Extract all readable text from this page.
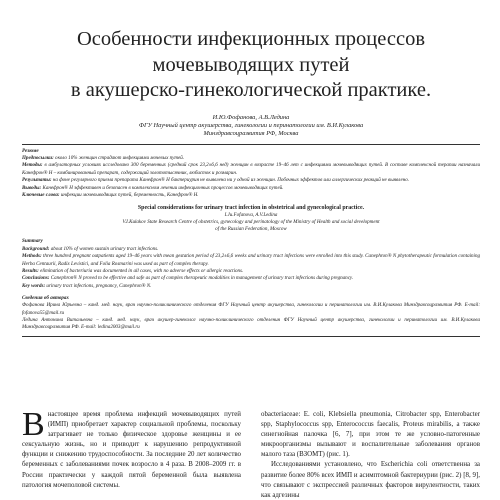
Особенности инфекционных процессов
мочевыводящих путей
в акушерско-гинекологической практике.
И.Ю.Фофанова, А.В.Ледина
ФГУ Научный центр акушерства, гинекологии и перинатологии им. В.И.Кулакова
Минздравсоцразвития РФ, Москва
Резюме
Предпосылки: около 10% женщин страдают инфекциями мочевых путей.
Методы: в амбулаторных условиях исследовано 300 беременных (средний срок 23,2±6,6 нед) женщин в возрасте 19–46 лет с инфекциями мочевыводящих путей. В составе комплексной терапии назначали Канефрон® Н – комбинированный препарат, содержащий золототысячник, любисток и розмарин.
Результаты: на фоне регулярного приема препарата Канефрон® Н бактериурия не выявлена ни у одной из женщин. Побочных эффектов или аллергических реакций не выявлено.
Выводы: Канефрон® Н эффективен и безопасен в комплексном лечении инфекционных процессов мочевыводящих путей.
Ключевые слова: инфекции мочевыводящих путей, беременность, Канефрон® Н.
Special considerations for urinary tract infection in obstetrical and gynecological practice.
I.Ju.Fofanova, A.V.Ledina
V.I.Kulakov State Research Centre of obstetrics, gynecology and perinatology of the Ministry of Health and social development
of the Russian Federation, Moscow
Summary
Background: about 10% of women sustain urinary tract infections.
Methods: three hundred pregnant outpatients aged 19–46 years with mean gestation period of 23,2±6,6 weeks and urinary tract infections were enrolled into this study. Canephron® N phytotherapeutic formulation containing Herba Centaurii, Radix Levistici, and Folia Rosmarini was used as part of complex therapy.
Results: elimination of bacteriuria was documented in all cases, with no adverse effects or allergic reactions.
Conclusions: Canephron® N proved to be effective and safe as part of complex therapeutic modalities in management of urinary tract infections during pregnancy.
Key words: urinary tract infections, pregnancy, Canephron® N.
Сведения об авторах
Фофанова Ирина Юрьевна – канд. мед. наук, врач научно-поликлинического отделения ФГУ Научный центр акушерства, гинекологии и перинатологии им. В.И.Кулакова Минздравсоцразвития РФ. E-mail: fofanova55@mail.ru
Ледина Антонина Витальевна – канд. мед. наук, врач акушер-гинеколог научно-поликлинического отделения ФГУ Научный центр акушерства, гинекологии и перинатологии им. В.И.Кулакова Минздравсоцразвития РФ. E-mail: ledina2003@mail.ru

Внастоящее время проблема инфекций мочевыводящих путей (ИМП) приобретает характер социальной проблемы, поскольку затрагивает не только физическое здоровье женщины и ее сексуальную жизнь, но и приводит к нарушению репродуктивной функции и снижению трудоспособности. За последние 20 лет количество беременных с заболеваниями почек возросло в 4 раза. В 2008–2009 гг. в России практически у каждой пятой беременной была выявлена патология мочеполовой системы.

obacteriaceae: E. coli, Klebsiella pneumonia, Citrobacter spp, Enterobacter spp, Staphylococcus spp, Enterococcus faecalis, Proteus mirabilis, а также синегнойная палочка [6, 7], при этом те же условно-патогенные микроорганизмы вызывают и воспалительные заболевания органов малого таза (ВЗОМТ) (рис. 1).

Исследованиями установлено, что Escherichia coli ответственна за развитие более 80% всех ИМП и асимптомной бактериурии (рис. 2) [8, 9], что связывают с экспрессией различных факторов вирулентности, таких как адгезины
